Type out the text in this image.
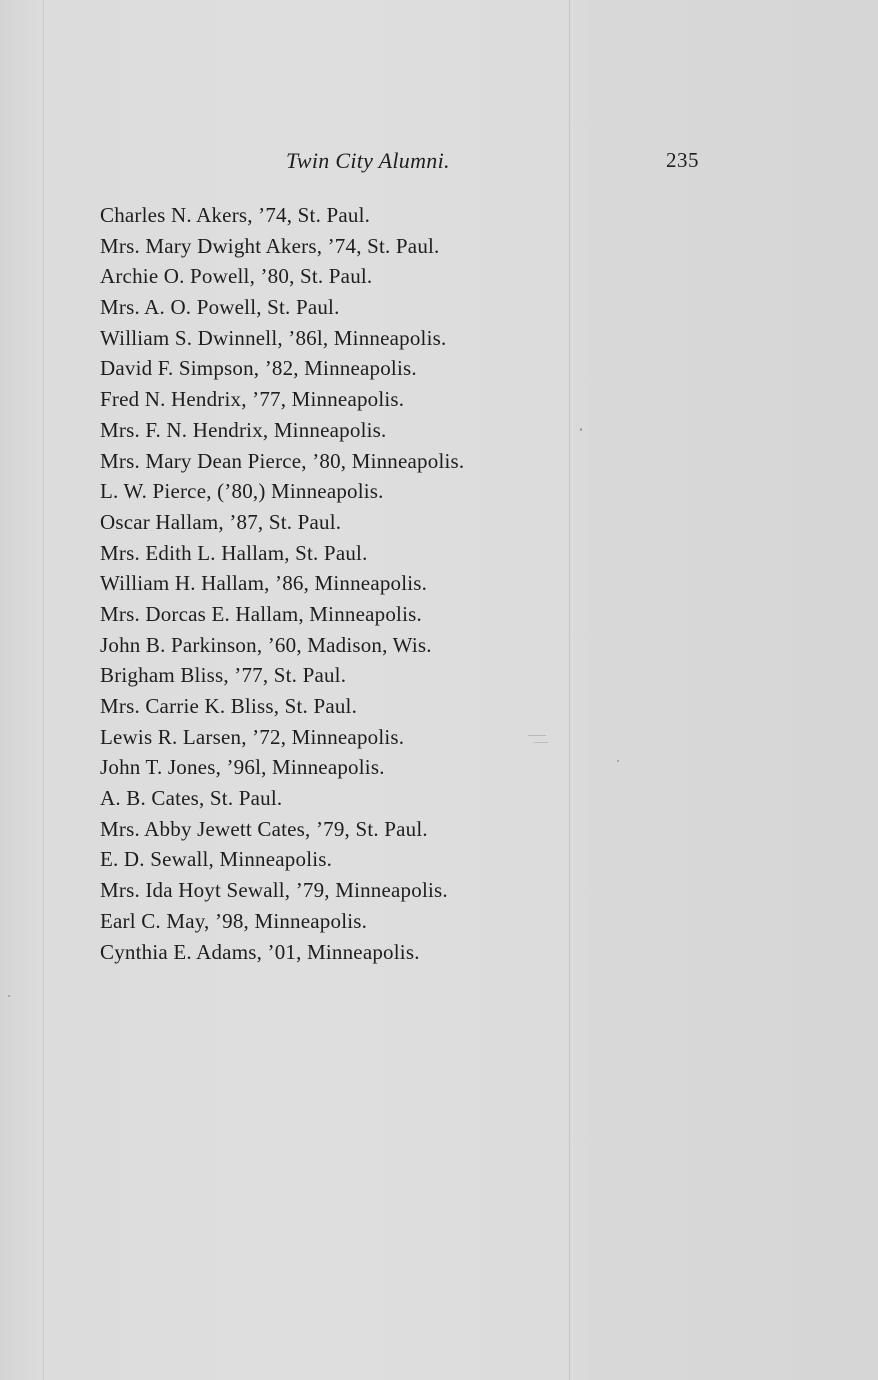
Twin City Alumni.	235
Charles N. Akers, ’74, St. Paul.
Mrs. Mary Dwight Akers, ’74, St. Paul.
Archie O. Powell, ’80, St. Paul.
Mrs. A. O. Powell, St. Paul.
William S. Dwinnell, ’86l, Minneapolis.
David F. Simpson, ’82, Minneapolis.
Fred N. Hendrix, ’77, Minneapolis.
Mrs. F. N. Hendrix, Minneapolis.
Mrs. Mary Dean Pierce, ’80, Minneapolis.
L. W. Pierce, (’80,) Minneapolis.
Oscar Hallam, ’87, St. Paul.
Mrs. Edith L. Hallam, St. Paul.
William H. Hallam, ’86, Minneapolis.
Mrs. Dorcas E. Hallam, Minneapolis.
John B. Parkinson, ’60, Madison, Wis.
Brigham Bliss, ’77, St. Paul.
Mrs. Carrie K. Bliss, St. Paul.
Lewis R. Larsen, ’72, Minneapolis.
John T. Jones, ’96l, Minneapolis.
A. B. Cates, St. Paul.
Mrs. Abby Jewett Cates, ’79, St. Paul.
E. D. Sewall, Minneapolis.
Mrs. Ida Hoyt Sewall, ’79, Minneapolis.
Earl C. May, ’98, Minneapolis.
Cynthia E. Adams, ’01, Minneapolis.
